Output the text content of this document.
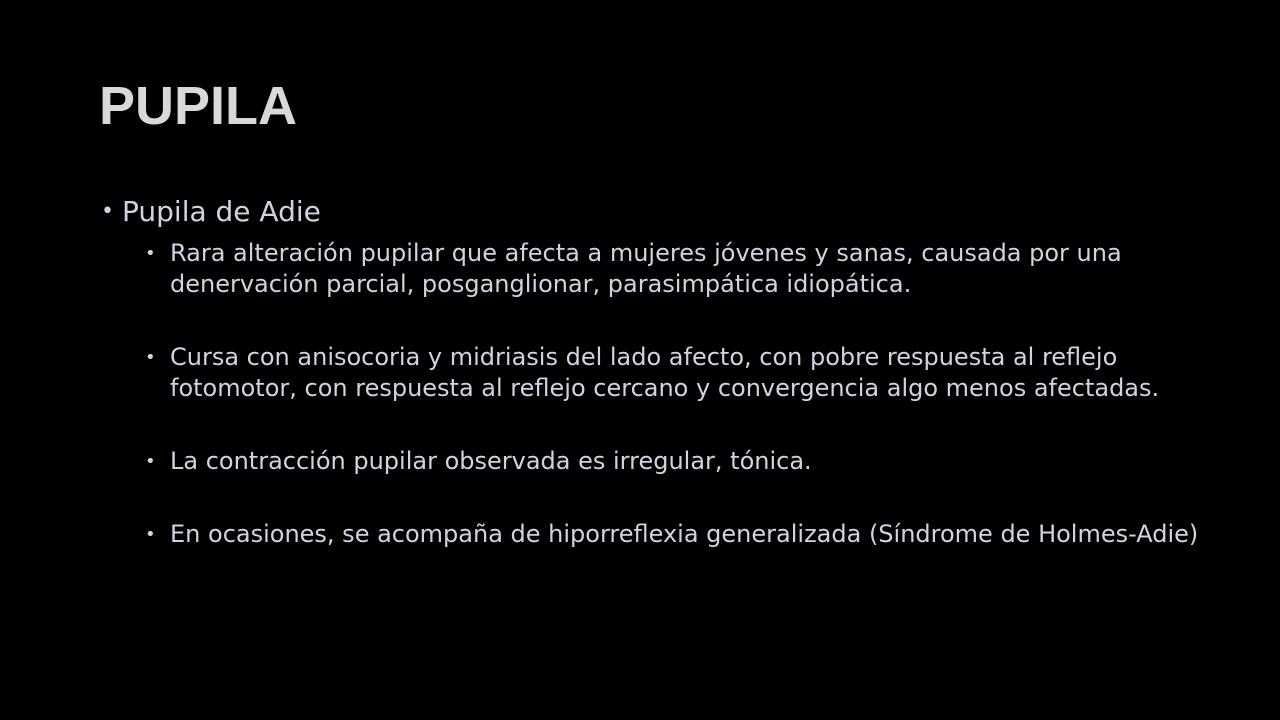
PUPILA
• Pupila de Adie
• Rara alteración pupilar que afecta a mujeres jóvenes y sanas, causada por una denervación parcial, posganglionar, parasimpática idiopática.
• Cursa con anisocoria y midriasis del lado afecto, con pobre respuesta al reflejo fotomotor, con respuesta al reflejo cercano y convergencia algo menos afectadas.
• La contracción pupilar observada es irregular, tónica.
• En ocasiones, se acompaña de hiporreflexia generalizada (Síndrome de Holmes-Adie)
